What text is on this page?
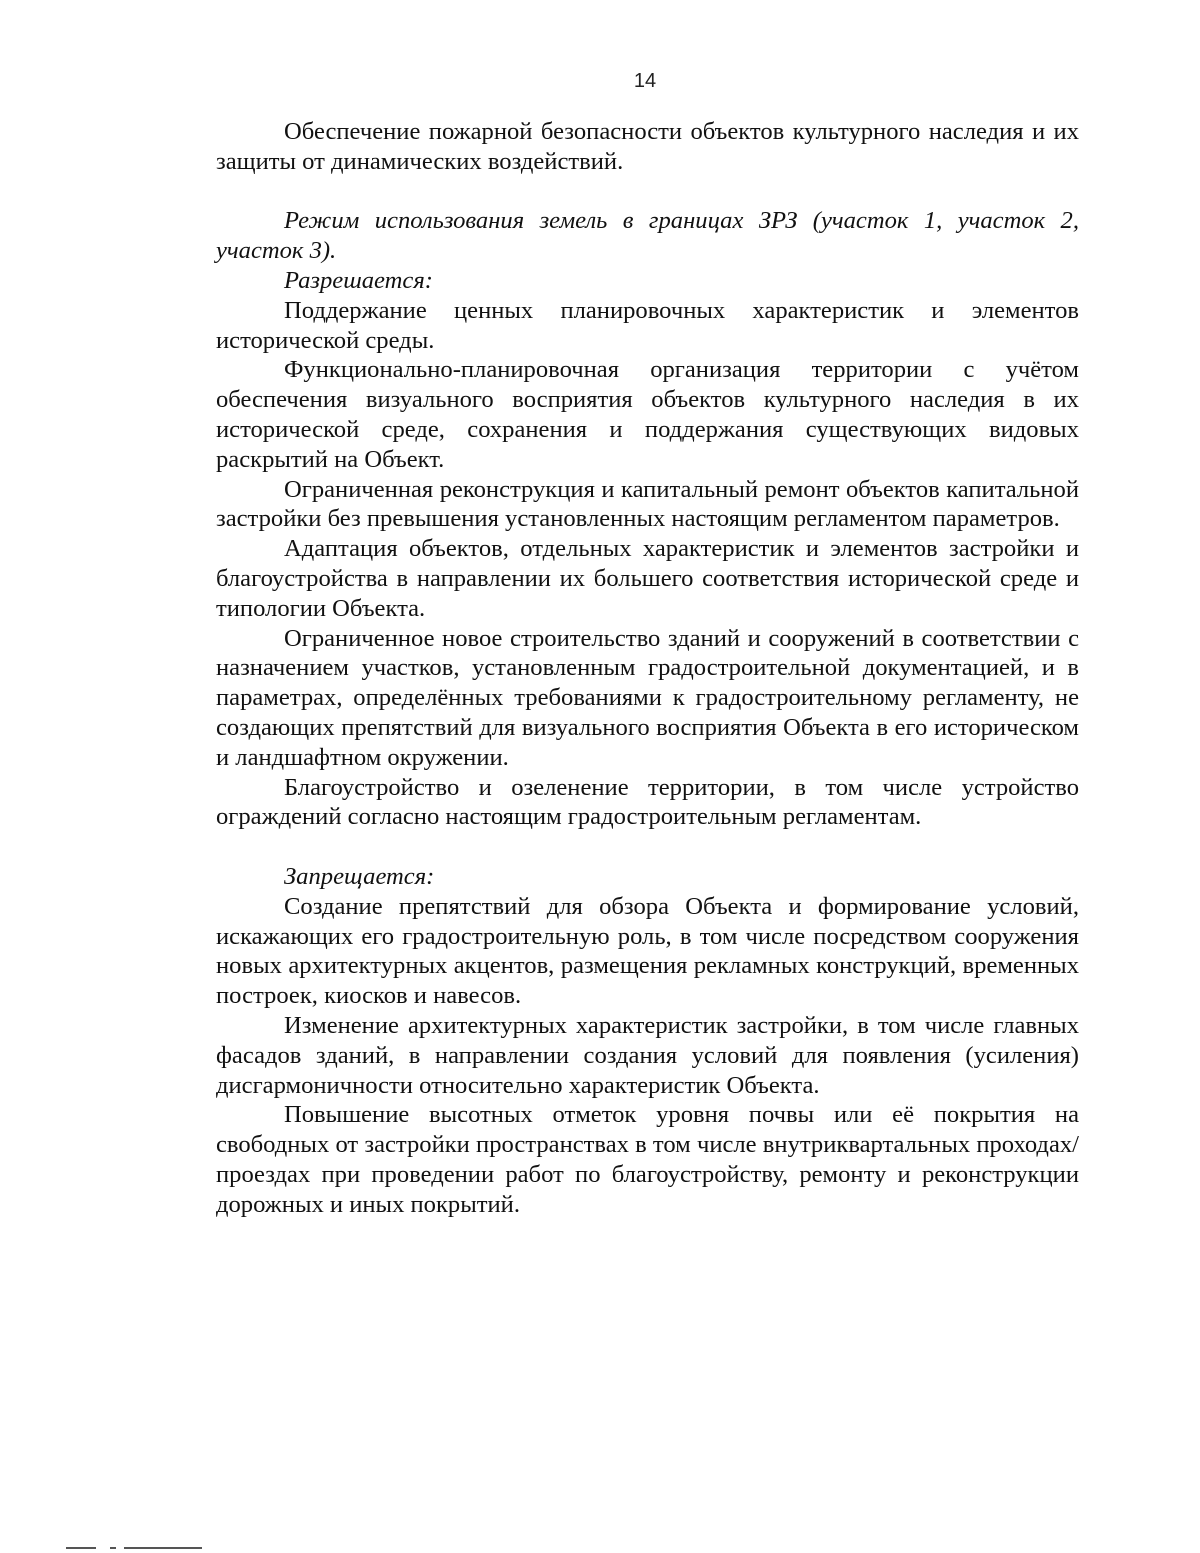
14

Обеспечение пожарной безопасности объектов культурного наследия и их защиты от динамических воздействий.

Режим использования земель в границах ЗРЗ (участок 1, участок 2, участок 3).

Разрешается:

Поддержание ценных планировочных характеристик и элементов исторической среды.

Функционально-планировочная организация территории с учётом обеспечения визуального восприятия объектов культурного наследия в их исторической среде, сохранения и поддержания существующих видовых раскрытий на Объект.

Ограниченная реконструкция и капитальный ремонт объектов капитальной застройки без превышения установленных настоящим регламентом параметров.

Адаптация объектов, отдельных характеристик и элементов застройки и благоустройства в направлении их большего соответствия исторической среде и типологии Объекта.

Ограниченное новое строительство зданий и сооружений в соответствии с назначением участков, установленным градостроительной документацией, и в параметрах, определённых требованиями к градостроительному регламенту, не создающих препятствий для визуального восприятия Объекта в его историческом и ландшафтном окружении.

Благоустройство и озеленение территории, в том числе устройство ограждений согласно настоящим градостроительным регламентам.

Запрещается:

Создание препятствий для обзора Объекта и формирование условий, искажающих его градостроительную роль, в том числе посредством сооружения новых архитектурных акцентов, размещения рекламных конструкций, временных построек, киосков и навесов.

Изменение архитектурных характеристик застройки, в том числе главных фасадов зданий, в направлении создания условий для появления (усиления) дисгармоничности относительно характеристик Объекта.

Повышение высотных отметок уровня почвы или её покрытия на свободных от застройки пространствах в том числе внутриквартальных проходах/проездах при проведении работ по благоустройству, ремонту и реконструкции дорожных и иных покрытий.
